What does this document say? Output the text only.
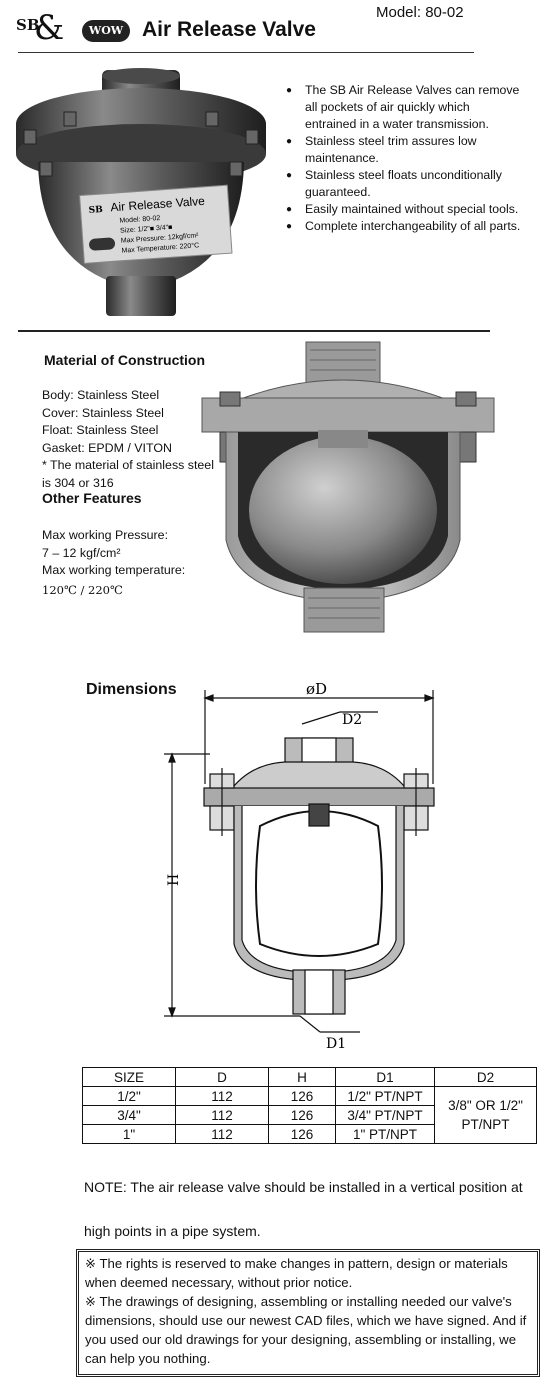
Model: 80-02
SB
&	WOW Air Release Valve
SB Air Release Valve
Model: 80-02
Size: 1/2"■ 3/4"■
Max Pressure: 12kgf/cm²
Max Temperature: 220°C
● The SB Air Release Valves can remove all pockets of air quickly which entrained in a water transmission.
● Stainless steel trim assures low maintenance.
● Stainless steel floats unconditionally guaranteed.
● Easily maintained without special tools.
● Complete interchangeability of all parts.
Material of Construction
Body: Stainless Steel
Cover: Stainless Steel
Float: Stainless Steel
Gasket: EPDM / VITON
* The material of stainless steel
is 304 or 316
Other Features
Max working Pressure:
7 – 12 kgf/cm²
Max working temperature:
120℃ / 220℃
Dimensions	øD
D2
D1
H
SIZE	D	H	D1	D2
1/2"	112	126	1/2" PT/NPT	3/8" OR 1/2" PT/NPT
3/4"	112	126	3/4" PT/NPT	
1"	112	126	1" PT/NPT	
NOTE: The air release valve should be installed in a vertical position at high points in a pipe system.

※ The rights is reserved to make changes in pattern, design or materials when deemed necessary, without prior notice.

※ The drawings of designing, assembling or installing needed our valve's dimensions, should use our newest CAD files, which we have signed. And if you used our old drawings for your designing, assembling or installing, we can help you nothing.
